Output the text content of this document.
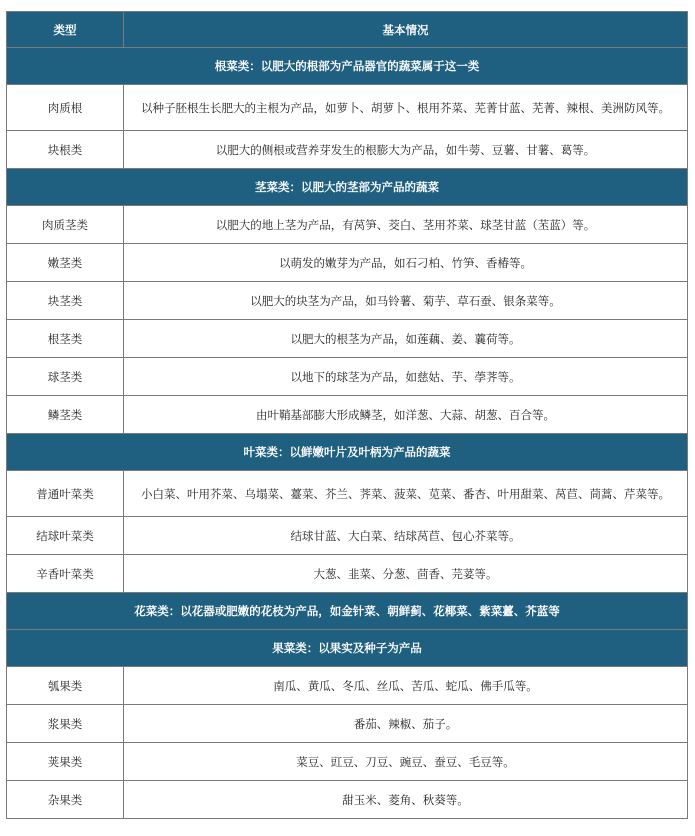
类型	基本情况
根菜类：以肥大的根部为产品器官的蔬菜属于这一类	
肉质根	以种子胚根生长肥大的主根为产品，如萝卜、胡萝卜、根用芥菜、芜菁甘蓝、芜菁、辣根、美洲防风等。
块根类	以肥大的侧根或营养芽发生的根膨大为产品，如牛蒡、豆薯、甘薯、葛等。
茎菜类：以肥大的茎部为产品的蔬菜	
肉质茎类	以肥大的地上茎为产品，有莴笋、茭白、茎用芥菜、球茎甘蓝（苤蓝）等。
嫩茎类	以萌发的嫩芽为产品，如石刁柏、竹笋、香椿等。
块茎类	以肥大的块茎为产品，如马铃薯、菊芋、草石蚕、银条菜等。
根茎类	以肥大的根茎为产品，如莲藕、姜、蘘荷等。
球茎类	以地下的球茎为产品，如慈姑、芋、荸荠等。
鳞茎类	由叶鞘基部膨大形成鳞茎，如洋葱、大蒜、胡葱、百合等。
叶菜类：以鲜嫩叶片及叶柄为产品的蔬菜	
普通叶菜类	小白菜、叶用芥菜、乌塌菜、薹菜、芥兰、荠菜、菠菜、苋菜、番杏、叶用甜菜、莴苣、茼蒿、芹菜等。
结球叶菜类	结球甘蓝、大白菜、结球莴苣、包心芥菜等。
辛香叶菜类	大葱、韭菜、分葱、茴香、芫荽等。
花菜类：以花器或肥嫩的花枝为产品，如金针菜、朝鲜蓟、花椰菜、紫菜薹、芥蓝等	
果菜类：以果实及种子为产品	
瓠果类	南瓜、黄瓜、冬瓜、丝瓜、苦瓜、蛇瓜、佛手瓜等。
浆果类	番茄、辣椒、茄子。
荚果类	菜豆、豇豆、刀豆、豌豆、蚕豆、毛豆等。
杂果类	甜玉米、菱角、秋葵等。
